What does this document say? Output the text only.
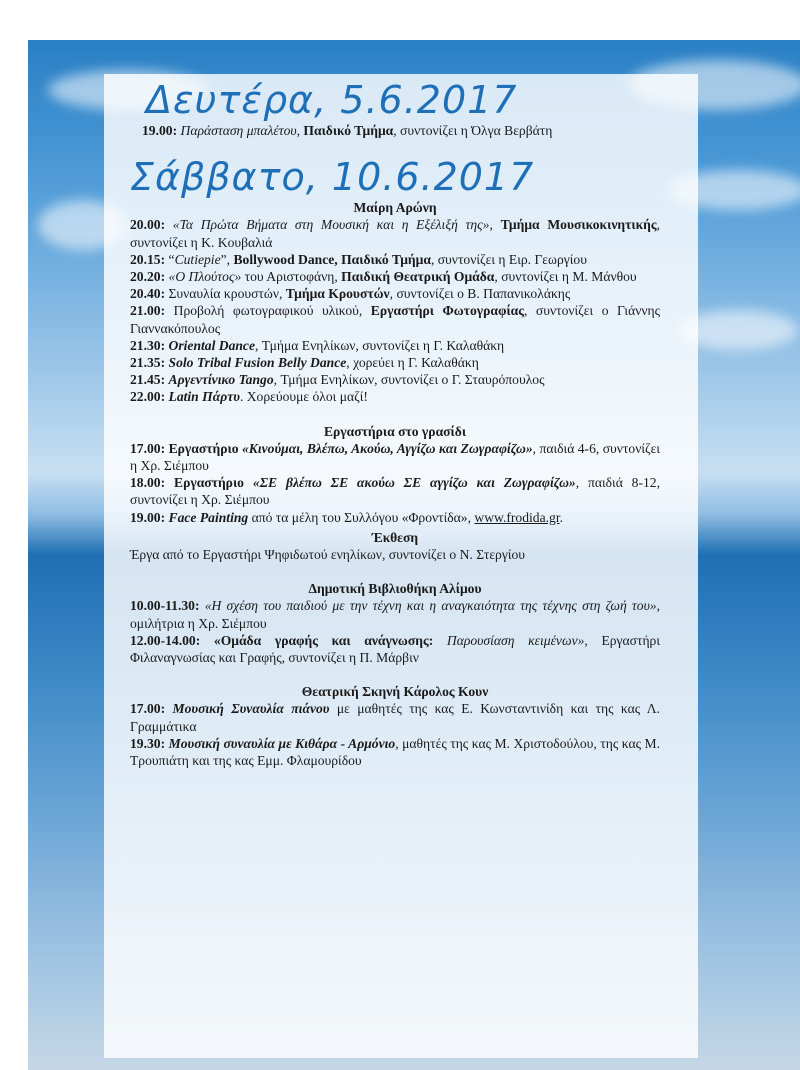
Δευτέρα, 5.6.2017

19.00: Παράσταση μπαλέτου, Παιδικό Τμήμα, συντονίζει η Όλγα Βερβάτη

Σάββατο, 10.6.2017

Μαίρη Αρώνη

20.00: «Τα Πρώτα Βήματα στη Μουσική και η Εξέλιξή της», Τμήμα Μουσικοκινητικής, συντονίζει η Κ. Κουβαλιά

20.15: “Cutiepie”, Bollywood Dance, Παιδικό Τμήμα, συντονίζει η Ειρ. Γεωργίου

20.20: «Ο Πλούτος» του Αριστοφάνη, Παιδική Θεατρική Ομάδα, συντονίζει η Μ. Μάνθου

20.40: Συναυλία κρουστών, Τμήμα Κρουστών, συντονίζει ο Β. Παπανικολάκης

21.00: Προβολή φωτογραφικού υλικού, Εργαστήρι Φωτογραφίας, συντονίζει ο Γιάννης Γιαννακόπουλος

21.30: Oriental Dance, Τμήμα Ενηλίκων, συντονίζει η Γ. Καλαθάκη

21.35: Solo Tribal Fusion Belly Dance, χορεύει η Γ. Καλαθάκη

21.45: Αργεντίνικο Tango, Τμήμα Ενηλίκων, συντονίζει ο Γ. Σταυρόπουλος

22.00: Latin Πάρτυ. Χορεύουμε όλοι μαζί!

Εργαστήρια στο γρασίδι

17.00: Εργαστήριο «Κινούμαι, Βλέπω, Ακούω, Αγγίζω και Ζωγραφίζω», παιδιά 4-6, συντονίζει η Χρ. Σιέμπου

18.00: Εργαστήριο «ΣΕ βλέπω ΣΕ ακούω ΣΕ αγγίζω και Ζωγραφίζω», παιδιά 8-12, συντονίζει η Χρ. Σιέμπου

19.00: Face Painting από τα μέλη του Συλλόγου «Φροντίδα», www.frodida.gr.

Έκθεση

Έργα από το Εργαστήρι Ψηφιδωτού ενηλίκων, συντονίζει ο Ν. Στεργίου

Δημοτική Βιβλιοθήκη Αλίμου

10.00-11.30: «Η σχέση του παιδιού με την τέχνη και η αναγκαιότητα της τέχνης στη ζωή του», ομιλήτρια η Χρ. Σιέμπου

12.00-14.00: «Ομάδα γραφής και ανάγνωσης: Παρουσίαση κειμένων», Εργαστήρι Φιλαναγνωσίας και Γραφής, συντονίζει η Π. Μάρβιν

Θεατρική Σκηνή Κάρολος Κουν

17.00: Μουσική Συναυλία πιάνου με μαθητές της κας Ε. Κωνσταντινίδη και της κας Λ. Γραμμάτικα

19.30: Μουσική συναυλία με Κιθάρα - Αρμόνιο, μαθητές της κας Μ. Χριστοδούλου, της κας Μ. Τρουπιάτη και της κας Εμμ. Φλαμουρίδου
